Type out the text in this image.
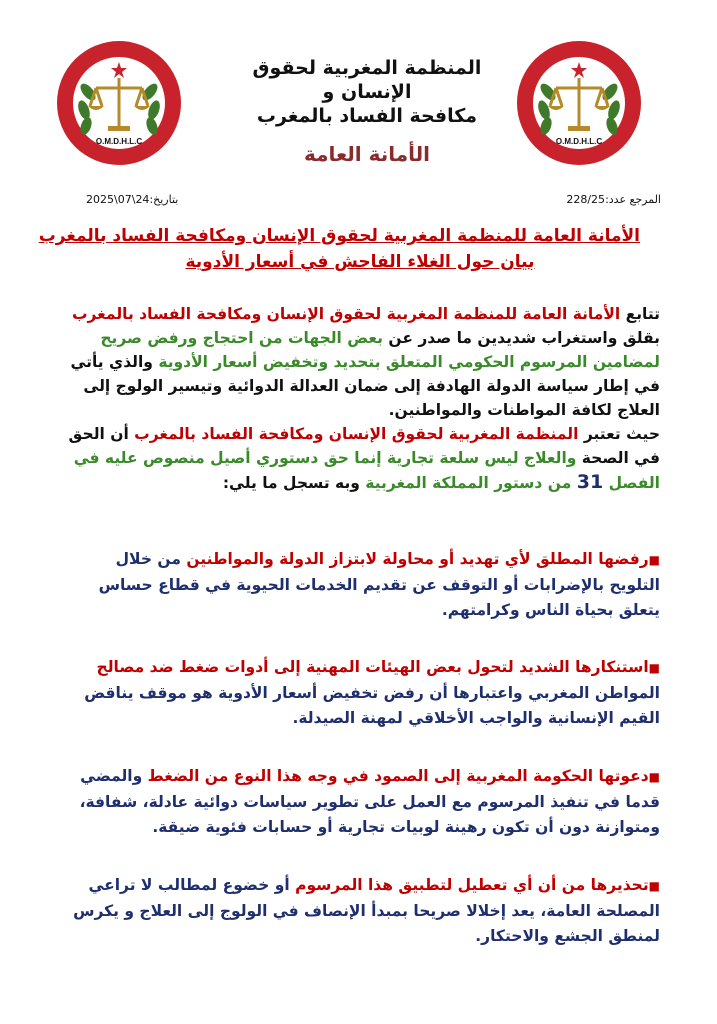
O.M.D.H.L.C	O.M.D.H.L.C
المنظمة المغربية لحقوق الإنسان و
مكافحة الفساد بالمغرب
الأمانة العامة
بتاريخ:24\07\2025	المرجع عدد:228/25
الأمانة العامة للمنظمة المغربية لحقوق الإنسان ومكافحة الفساد بالمغرب
بيان حول الغلاء الفاحش في أسعار الأدوية
تتابع الأمانة العامة للمنظمة المغربية لحقوق الإنسان ومكافحة الفساد بالمغرب بقلق واستغراب شديدين ما صدر عن بعض الجهات من احتجاج ورفض صريح لمضامين المرسوم الحكومي المتعلق بتحديد وتخفيض أسعار الأدوية والذي يأتي في إطار سياسة الدولة الهادفة إلى ضمان العدالة الدوائية وتيسير الولوج إلى العلاج لكافة المواطنات والمواطنين.
حيث تعتبر المنظمة المغربية لحقوق الإنسان ومكافحة الفساد بالمغرب أن الحق في الصحة والعلاج ليس سلعة تجارية إنما حق دستوري أصيل منصوص عليه في الفصل 31 من دستور المملكة المغربية وبه تسجل ما يلي:
■رفضها المطلق لأي تهديد أو محاولة لابتزاز الدولة والمواطنين من خلال التلويح بالإضرابات أو التوقف عن تقديم الخدمات الحيوية في قطاع حساس يتعلق بحياة الناس وكرامتهم.
■استنكارها الشديد لتحول بعض الهيئات المهنية إلى أدوات ضغط ضد مصالح المواطن المغربي واعتبارها أن رفض تخفيض أسعار الأدوية هو موقف يناقض القيم الإنسانية والواجب الأخلاقي لمهنة الصيدلة.
■دعوتها الحكومة المغربية إلى الصمود في وجه هذا النوع من الضغط والمضي قدما في تنفيذ المرسوم مع العمل على تطوير سياسات دوائية عادلة، شفافة، ومتوازنة دون أن تكون رهينة لوبيات تجارية أو حسابات فئوية ضيقة.
■تحذيرها من أن أي تعطيل لتطبيق هذا المرسوم أو خضوع لمطالب لا تراعي المصلحة العامة، يعد إخلالا صريحا بمبدأ الإنصاف في الولوج إلى العلاج و يكرس لمنطق الجشع والاحتكار.
